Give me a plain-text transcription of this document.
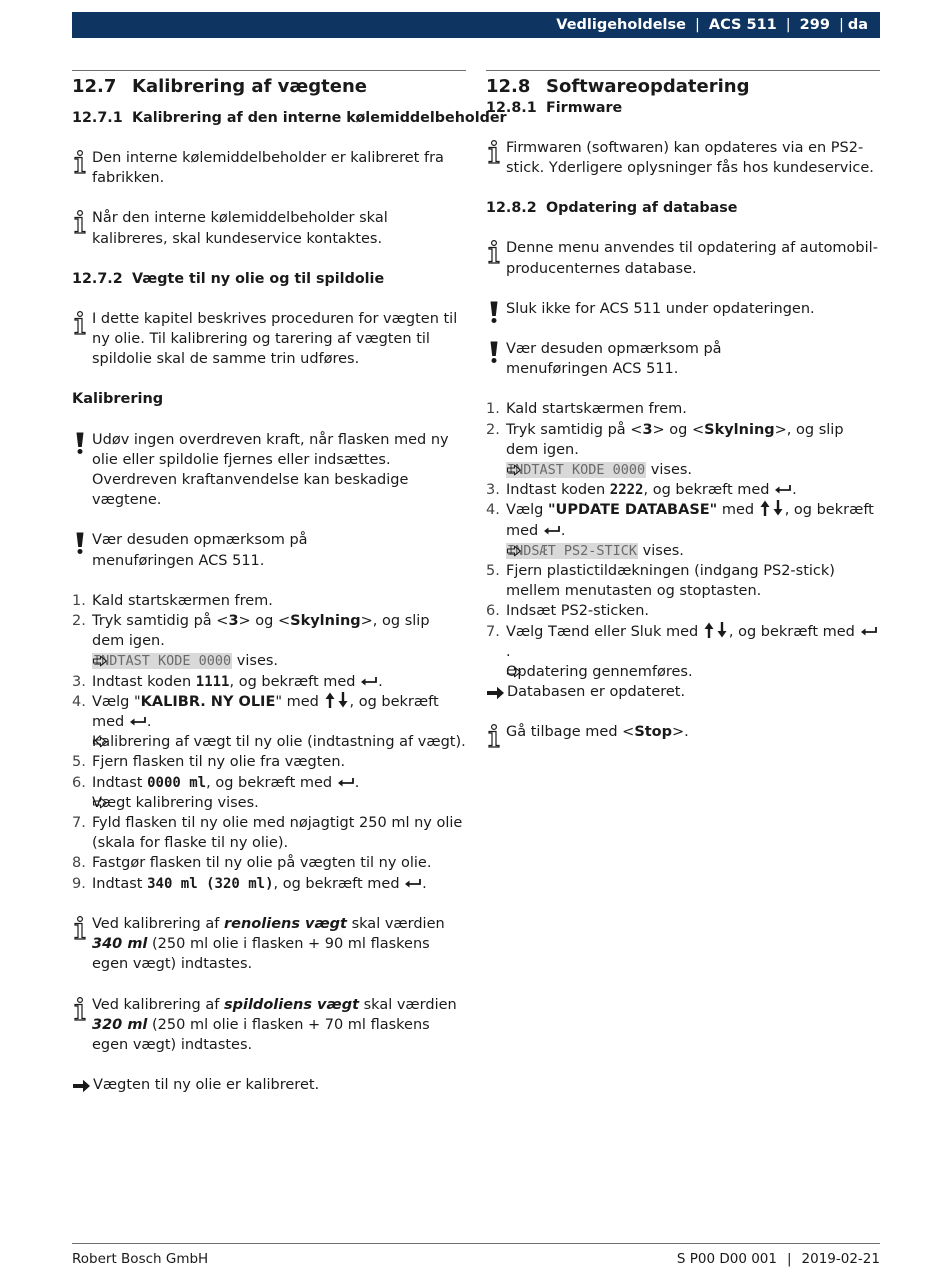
Vedligeholdelse | ACS 511 | 299 | da
12.7 Kalibrering af vægtene
12.7.1 Kalibrering af den interne kølemiddelbeholder
Den interne kølemiddelbeholder er kalibreret fra fabrikken.
Når den interne kølemiddelbeholder skal kalibreres, skal kundeservice kontaktes.
12.7.2 Vægte til ny olie og til spildolie
I dette kapitel beskrives proceduren for vægten til ny olie. Til kalibrering og tarering af vægten til spildolie skal de samme trin udføres.
Kalibrering
Udøv ingen overdreven kraft, når flasken med ny olie eller spildolie fjernes eller indsættes. Overdreven kraftanvendelse kan beskadige vægtene.
Vær desuden opmærksom på menuføringen ACS 511.
1. Kald startskærmen frem.
2. Tryk samtidig på <3> og <Skylning>, og slip dem igen.
INDTAST KODE 0000 vises.
3. Indtast koden 1111, og bekræft med .
4. Vælg "KALIBR. NY OLIE" med , og bekræft med .
Kalibrering af vægt til ny olie (indtastning af vægt).
5. Fjern flasken til ny olie fra vægten.
6. Indtast 0000 ml, og bekræft med .
Vægt kalibrering vises.
7. Fyld flasken til ny olie med nøjagtigt 250 ml ny olie (skala for flaske til ny olie).
8. Fastgør flasken til ny olie på vægten til ny olie.
9. Indtast 340 ml (320 ml), og bekræft med .
Ved kalibrering af renoliens vægt skal værdien 340 ml (250 ml olie i flasken + 90 ml flaskens egen vægt) indtastes.
Ved kalibrering af spildoliens vægt skal værdien 320 ml (250 ml olie i flasken + 70 ml flaskens egen vægt) indtastes.
Vægten til ny olie er kalibreret.
12.8 Softwareopdatering
12.8.1 Firmware
Firmwaren (softwaren) kan opdateres via en PS2-stick. Yderligere oplysninger fås hos kundeservice.
12.8.2 Opdatering af database
Denne menu anvendes til opdatering af automobil-producenternes database.
Sluk ikke for ACS 511 under opdateringen.
Vær desuden opmærksom på menuføringen ACS 511.
1. Kald startskærmen frem.
2. Tryk samtidig på <3> og <Skylning>, og slip dem igen.
INDTAST KODE 0000 vises.
3. Indtast koden 2222, og bekræft med .
4. Vælg "UPDATE DATABASE" med , og bekræft med .
INDSÆT PS2-STICK vises.
5. Fjern plastictildækningen (indgang PS2-stick) mellem menutasten og stoptasten.
6. Indsæt PS2-sticken.
7. Vælg Tænd eller Sluk med , og bekræft med .
Opdatering gennemføres.
Databasen er opdateret.
Gå tilbage med <Stop>.
Robert Bosch GmbH	S P00 D00 001 | 2019-02-21
